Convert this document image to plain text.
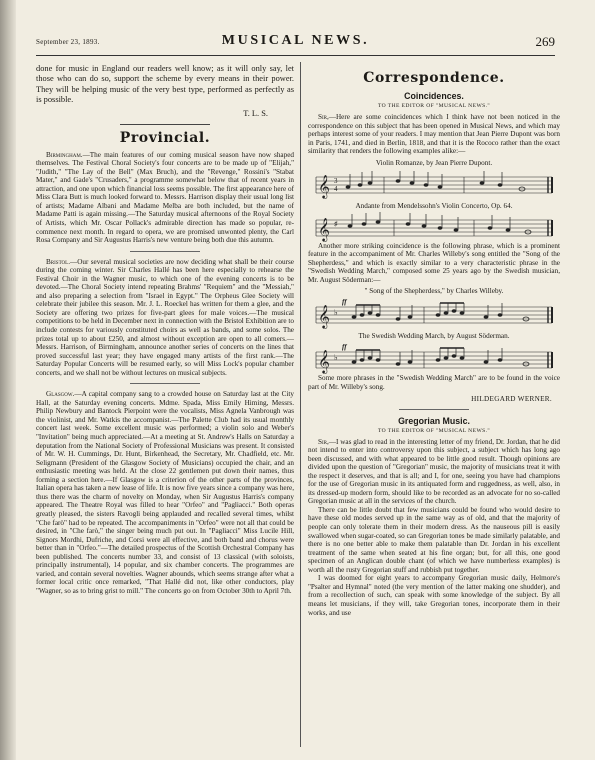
September 23, 1893.	MUSICAL NEWS.	269

done for music in England our readers well know; as it will only say, let those who can do so, support the scheme by every means in their power. They will be helping music of the very best type, performed as perfectly as is possible.

T. L. S.
Provincial.

Birmingham.—The main features of our coming musical season have now shaped themselves. The Festival Choral Society's four concerts are to be made up of "Elijah," "Judith," "The Lay of the Bell" (Max Bruch), and the "Revenge," Rossini's "Stabat Mater," and Gade's "Crusaders," a programme somewhat below that of recent years in attraction, and one upon which financial loss seems possible. The first appearance here of Miss Clara Butt is much looked forward to. Messrs. Harrison display their usual long list of artists; Madame Albani and Madame Melba are both included, but the name of Madame Patti is again missing.—The Saturday musical afternoons of the Royal Society of Artists, which Mr. Oscar Pollack's admirable direction has made so popular, re-commence next month. In regard to opera, we are promised unwonted plenty, the Carl Rosa Company and Sir Augustus Harris's new venture being both due this autumn.

Bristol.—Our several musical societies are now deciding what shall be their course during the coming winter. Sir Charles Hallé has been here especially to rehearse the Festival Choir in the Wagner music, to which one of the evening concerts is to be devoted.—The Choral Society intend repeating Brahms' "Requiem" and the "Messiah," and also preparing a selection from "Israel in Egypt." The Orpheus Glee Society will celebrate their jubilee this season. Mr. J. L. Roeckel has written for them a glee, and the Society are offering two prizes for five-part glees for male voices.—The musical competitions to be held in December next in connection with the Bristol Exhibition are to include contests for variously constituted choirs as well as bands, and some solos. The prizes total up to about £250, and almost without exception are open to all comers.—Messrs. Harrison, of Birmingham, announce another series of concerts on the lines that proved successful last year; they have engaged many artists of the first rank.—The Saturday Popular Concerts will be resumed early, so will Miss Lock's popular chamber concerts, and we shall not be without lectures on musical subjects.

Glasgow.—A capital company sang to a crowded house on Saturday last at the City Hall, at the Saturday evening concerts. Mdme. Spada, Miss Emily Himing, Messrs. Philip Newbury and Bantock Pierpoint were the vocalists, Miss Agnela Vanbrough was the violinist, and Mr. Watkis the accompanist.—The Palette Club had its usual monthly concert last week. Some excellent music was performed; a violin solo and Weber's "Invitation" being much appreciated.—At a meeting at St. Andrew's Halls on Saturday a deputation from the National Society of Professional Musicians was present. It consisted of Mr. W. H. Cummings, Dr. Hunt, Birkenhead, the Secretary, Mr. Chadfield, etc. Mr. Seligmann (President of the Glasgow Society of Musicians) occupied the chair, and an enthusiastic meeting was held. At the close 22 gentlemen put down their names, thus forming a section here.—If Glasgow is a criterion of the other parts of the provinces, Italian opera has taken a new lease of life. It is now five years since a company was here, thus there was the charm of novelty on Monday, when Sir Augustus Harris's company appeared. The Theatre Royal was filled to hear "Orfeo" and "Pagliacci." Both operas greatly pleased, the sisters Ravogli being applauded and recalled several times, whilst "Che farò" had to be repeated. The accompaniments in "Orfeo" were not all that could be desired, in "Che farò," the singer being much put out. In "Pagliacci" Miss Lucile Hill, Signors Mordhi, Dufriche, and Corsi were all effective, and both band and chorus were better than in "Orfeo."—The detailed prospectus of the Scottish Orchestral Company has been published. The concerts number 33, and consist of 13 classical (with soloists, principally instrumental), 14 popular, and six chamber concerts. The programmes are varied, and contain several novelties. Wagner abounds, which seems strange after what a former local critic once remarked, "That Hallé did not, like other conductors, play "Wagner, so as to bring grist to mill." The concerts go on from October 30th to April 7th.

Correspondence.
Coincidences.
TO THE EDITOR OF "MUSICAL NEWS."

Sir,—Here are some coincidences which I think have not been noticed in the correspondence on this subject that has been opened in Musical News, and which may perhaps interest some of your readers. I may mention that Jean Pierre Dupont was born in Paris, 1741, and died in Berlin, 1818, and that it is the Rococo rather than the exact similarity that renders the following examples alike:—

Violin Romanze, by Jean Pierre Dupont.
𝄞 3
4
Andante from Mendelssohn's Violin Concerto, Op. 64.
𝄞 ♯

Another more striking coincidence is the following phrase, which is a prominent feature in the accompaniment of Mr. Charles Willeby's song entitled the "Song of the Shepherdess," and which is exactly similar to a very characteristic phrase in the "Swedish Wedding March," composed some 25 years ago by the Swedish musician, Mr. August Söderman:—

" Song of the Shepherdess," by Charles Willeby.
𝄞 ♭
ff
The Swedish Wedding March, by August Söderman.
𝄞 ♭
ff

Some more phrases in the "Swedish Wedding March" are to be found in the voice part of Mr. Willeby's song.

HILDEGARD WERNER.
Gregorian Music.
TO THE EDITOR OF "MUSICAL NEWS."

Sir,—I was glad to read in the interesting letter of my friend, Dr. Jordan, that he did not intend to enter into controversy upon this subject, a subject which has long ago been discussed, and with what appeared to be little good result. Though opinions are divided upon the question of "Gregorian" music, the majority of musicians treat it with the respect it deserves, and that is all; and I, for one, seeing you have had champions for the use of Gregorian music in its antiquated form and ruggedness, as well, also, in its dressed-up modern form, should like to be recorded as an advocate for no so-called Gregorian music at all in the services of the church.

There can be little doubt that few musicians could be found who would desire to have these old modes served up in the same way as of old, and that the majority of people can only tolerate them in their modern dress. As the nauseous pill is easily swallowed when sugar-coated, so can Gregorian tones be made similarly palatable, and there is no one better able to make them palatable than Dr. Jordan in his excellent treatment of the same when seated at his fine organ; but, for all this, one good specimen of an Anglican double chant (of which we have numberless examples) is worth all the rusty Gregorian stuff and rubbish put together.

I was doomed for eight years to accompany Gregorian music daily, Helmore's "Psalter and Hymnal" noted (the very mention of the latter making one shudder), and from a recollection of such, can speak with some knowledge of the subject. By all means let musicians, if they will, take Gregorian tones, incorporate them in their works, and use
